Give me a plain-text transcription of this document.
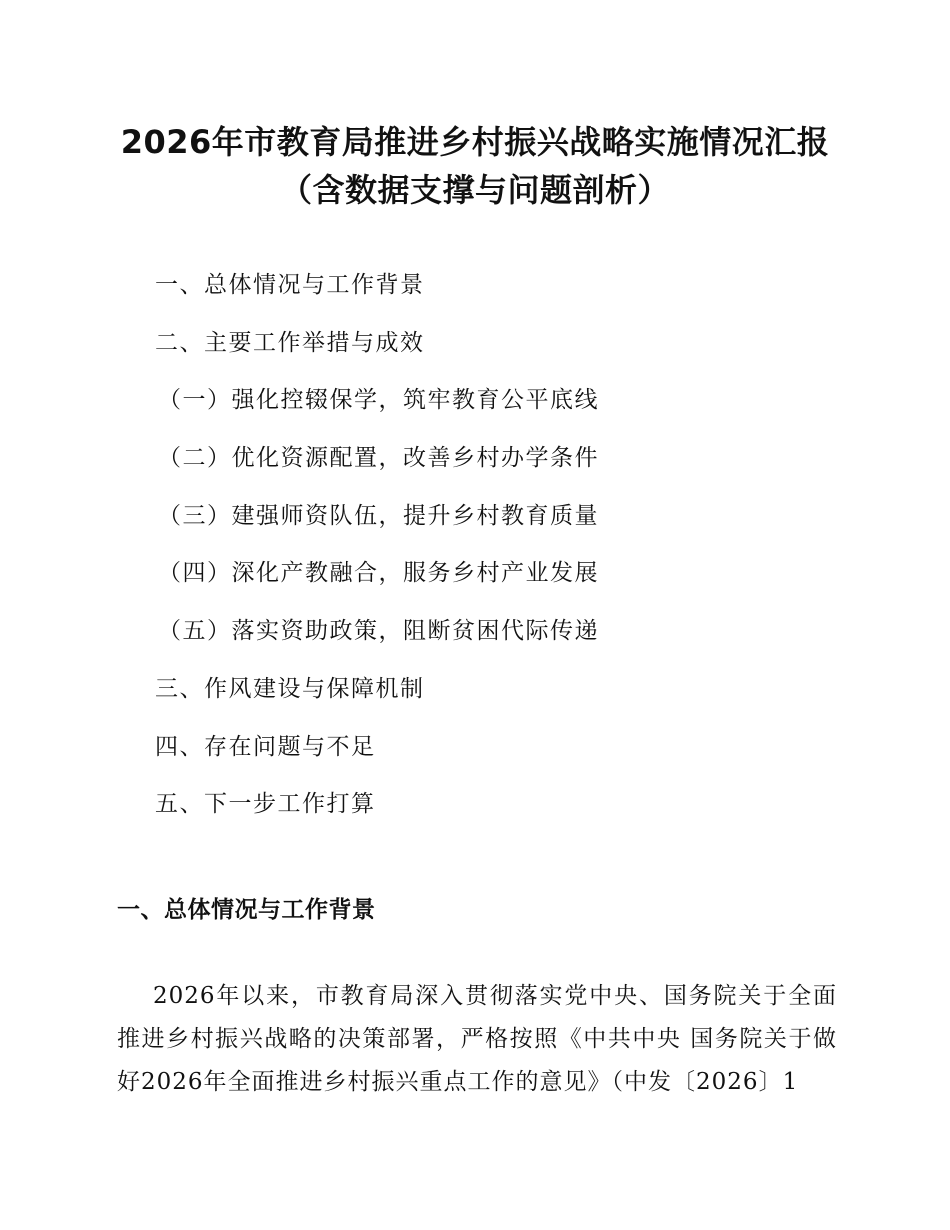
2026年市教育局推进乡村振兴战略实施情况汇报（含数据支撑与问题剖析）
一、总体情况与工作背景
二、主要工作举措与成效
（一）强化控辍保学，筑牢教育公平底线
（二）优化资源配置，改善乡村办学条件
（三）建强师资队伍，提升乡村教育质量
（四）深化产教融合，服务乡村产业发展
（五）落实资助政策，阻断贫困代际传递
三、作风建设与保障机制
四、存在问题与不足
五、下一步工作打算
一、总体情况与工作背景

2026年以来，市教育局深入贯彻落实党中央、国务院关于全面推进乡村振兴战略的决策部署，严格按照《中共中央 国务院关于做好2026年全面推进乡村振兴重点工作的意见》（中发〔2026〕1
